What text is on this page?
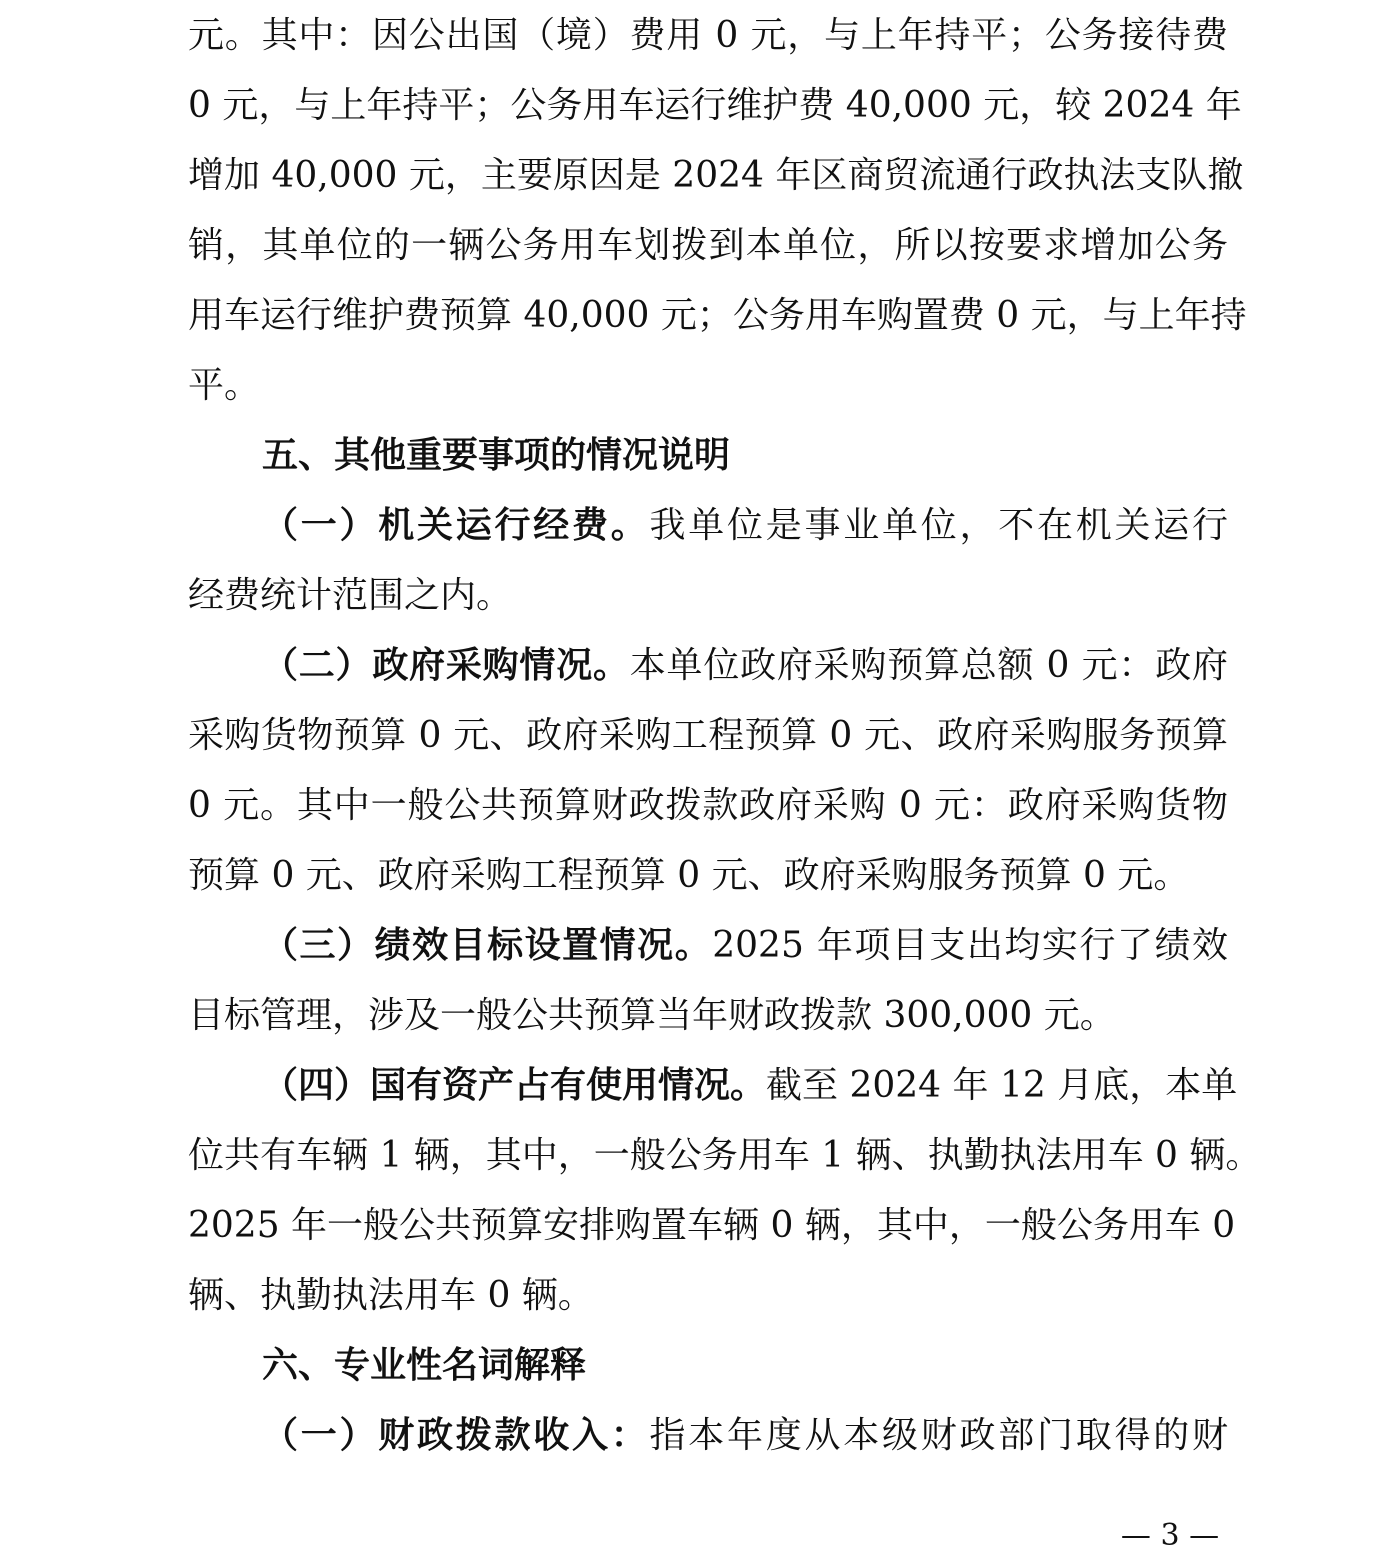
元。其中：因公出国（境）费用 0 元，与上年持平；公务接待费
0 元，与上年持平；公务用车运行维护费 40,000 元，较 2024 年
增加 40,000 元，主要原因是 2024 年区商贸流通行政执法支队撤
销，其单位的一辆公务用车划拨到本单位，所以按要求增加公务
用车运行维护费预算 40,000 元；公务用车购置费 0 元，与上年持
平。
五、其他重要事项的情况说明
（一）机关运行经费。我单位是事业单位，不在机关运行
经费统计范围之内。
（二）政府采购情况。本单位政府采购预算总额 0 元：政府
采购货物预算 0 元、政府采购工程预算 0 元、政府采购服务预算
0 元。其中一般公共预算财政拨款政府采购 0 元：政府采购货物
预算 0 元、政府采购工程预算 0 元、政府采购服务预算 0 元。
（三）绩效目标设置情况。2025 年项目支出均实行了绩效
目标管理，涉及一般公共预算当年财政拨款 300,000 元。
（四）国有资产占有使用情况。截至 2024 年 12 月底，本单
位共有车辆 1 辆，其中，一般公务用车 1 辆、执勤执法用车 0 辆。
2025 年一般公共预算安排购置车辆 0 辆，其中，一般公务用车 0
辆、执勤执法用车 0 辆。
六、专业性名词解释
（一）财政拨款收入：指本年度从本级财政部门取得的财
— 3 —
